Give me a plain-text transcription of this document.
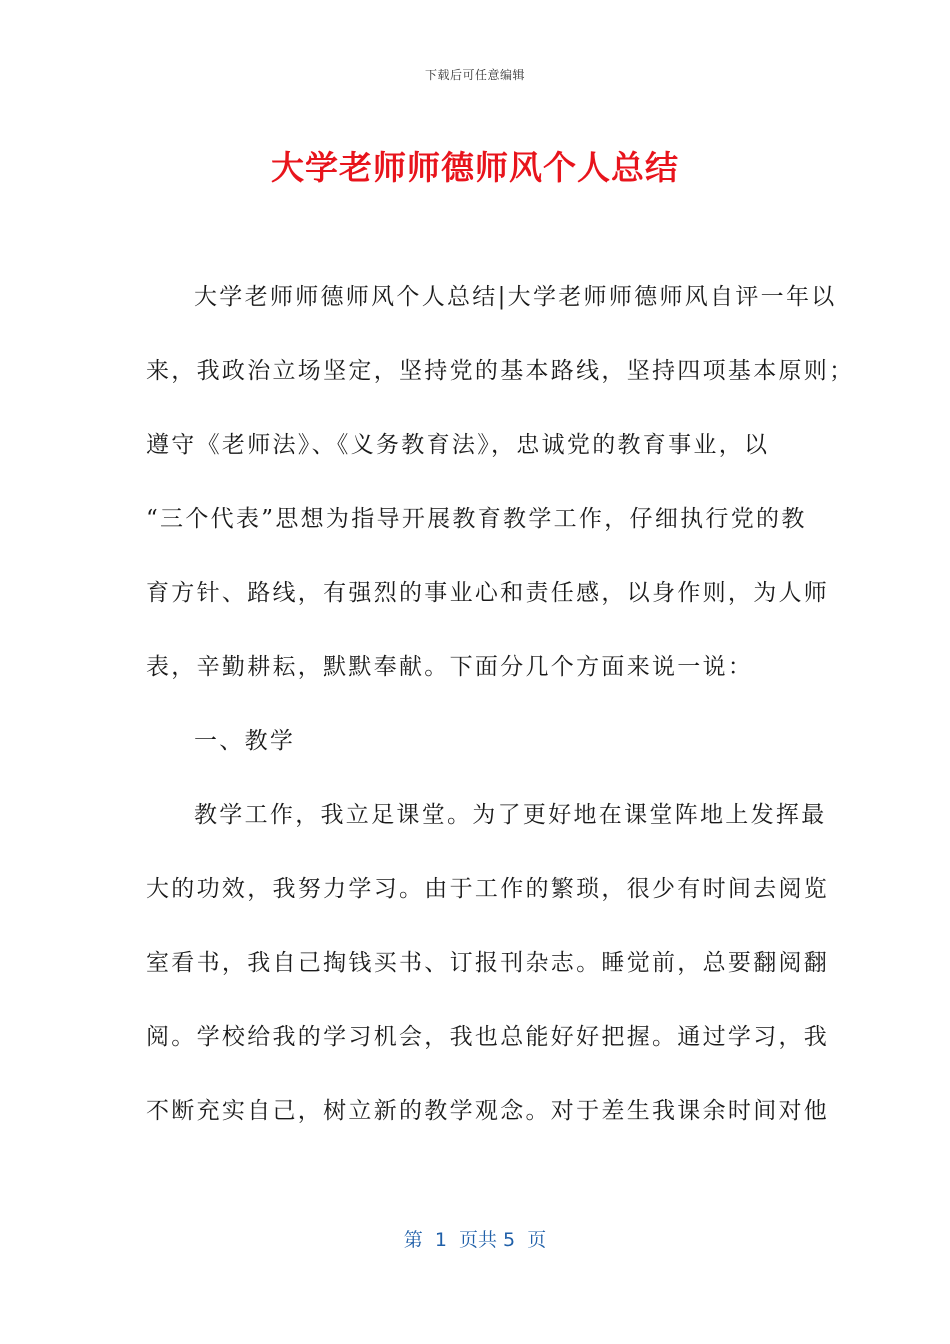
下载后可任意编辑
大学老师师德师风个人总结
大学老师师德师风个人总结|大学老师师德师风自评一年以
来，我政治立场坚定，坚持党的基本路线，坚持四项基本原则；
遵守《老师法》、《义务教育法》，忠诚党的教育事业，以
“三个代表”思想为指导开展教育教学工作，仔细执行党的教
育方针、路线，有强烈的事业心和责任感，以身作则，为人师
表，辛勤耕耘，默默奉献。下面分几个方面来说一说：
一、教学
教学工作，我立足课堂。为了更好地在课堂阵地上发挥最
大的功效，我努力学习。由于工作的繁琐，很少有时间去阅览
室看书，我自己掏钱买书、订报刊杂志。睡觉前，总要翻阅翻
阅。学校给我的学习机会，我也总能好好把握。通过学习，我
不断充实自己，树立新的教学观念。对于差生我课余时间对他
第  1  页共 5  页
